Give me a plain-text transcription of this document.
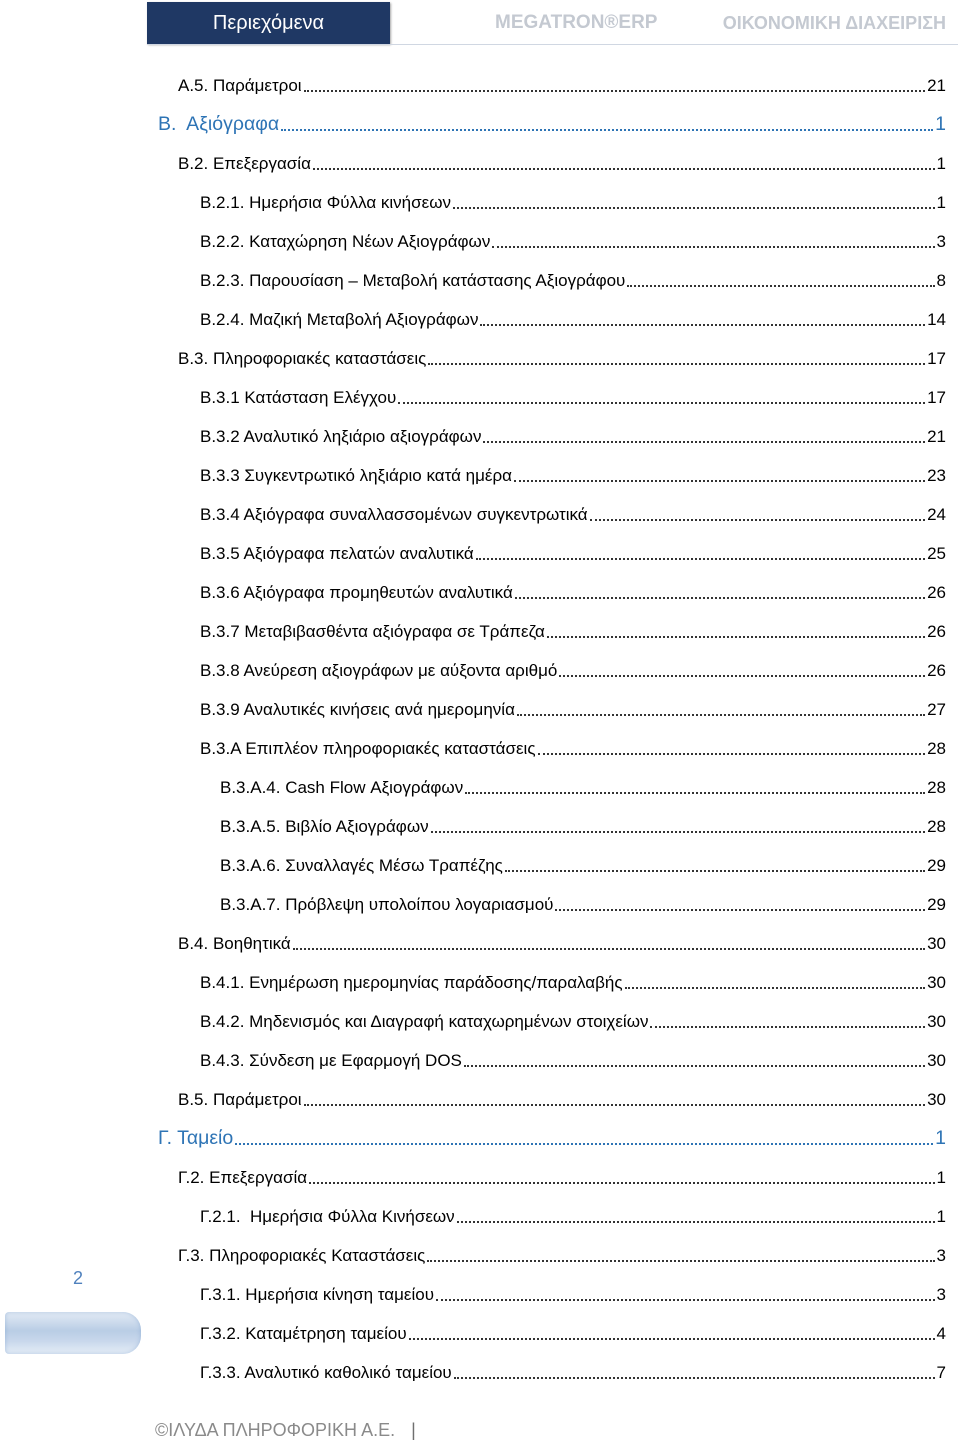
Περιεχόμενα	MEGATRON®ERP	ΟΙΚΟΝΟΜΙΚΗ ΔΙΑΧΕΙΡΙΣΗ
Α.5. Παράμετροι	21
Β.  Αξιόγραφα	1
Β.2. Επεξεργασία	1
Β.2.1. Ημερήσια Φύλλα κινήσεων	1
Β.2.2. Καταχώρηση Νέων Αξιογράφων	3
Β.2.3. Παρουσίαση – Μεταβολή κατάστασης Αξιογράφου	8
Β.2.4. Μαζική Μεταβολή Αξιογράφων	14
Β.3. Πληροφοριακές καταστάσεις	17
Β.3.1 Κατάσταση Ελέγχου	17
Β.3.2 Αναλυτικό ληξιάριο αξιογράφων	21
Β.3.3 Συγκεντρωτικό ληξιάριο κατά ημέρα	23
Β.3.4 Αξιόγραφα συναλλασσομένων συγκεντρωτικά	24
Β.3.5 Αξιόγραφα πελατών αναλυτικά	25
Β.3.6 Αξιόγραφα προμηθευτών αναλυτικά	26
Β.3.7 Μεταβιβασθέντα αξιόγραφα σε Τράπεζα	26
Β.3.8 Ανεύρεση αξιογράφων με αύξοντα αριθμό	26
Β.3.9 Αναλυτικές κινήσεις ανά ημερομηνία	27
Β.3.Α Επιπλέον πληροφοριακές καταστάσεις	28
Β.3.Α.4. Cash Flow Αξιογράφων	28
Β.3.Α.5. Βιβλίο Αξιογράφων	28
Β.3.Α.6. Συναλλαγές Μέσω Τραπέζης	29
Β.3.Α.7. Πρόβλεψη υπολοίπου λογαριασμού	29
Β.4. Βοηθητικά	30
Β.4.1. Ενημέρωση ημερομηνίας παράδοσης/παραλαβής	30
Β.4.2. Μηδενισμός και Διαγραφή καταχωρημένων στοιχείων	30
Β.4.3. Σύνδεση με Εφαρμογή DOS	30
Β.5. Παράμετροι	30
Γ. Ταμείο	1
Γ.2. Επεξεργασία	1
Γ.2.1.  Ημερήσια Φύλλα Κινήσεων	1
Γ.3. Πληροφοριακές Καταστάσεις	3
Γ.3.1. Ημερήσια κίνηση ταμείου	3
Γ.3.2. Καταμέτρηση ταμείου	4
Γ.3.3. Αναλυτικό καθολικό ταμείου	7
2
©ΙΛΥΔΑ ΠΛΗΡΟΦΟΡΙΚΗ Α.Ε. |
